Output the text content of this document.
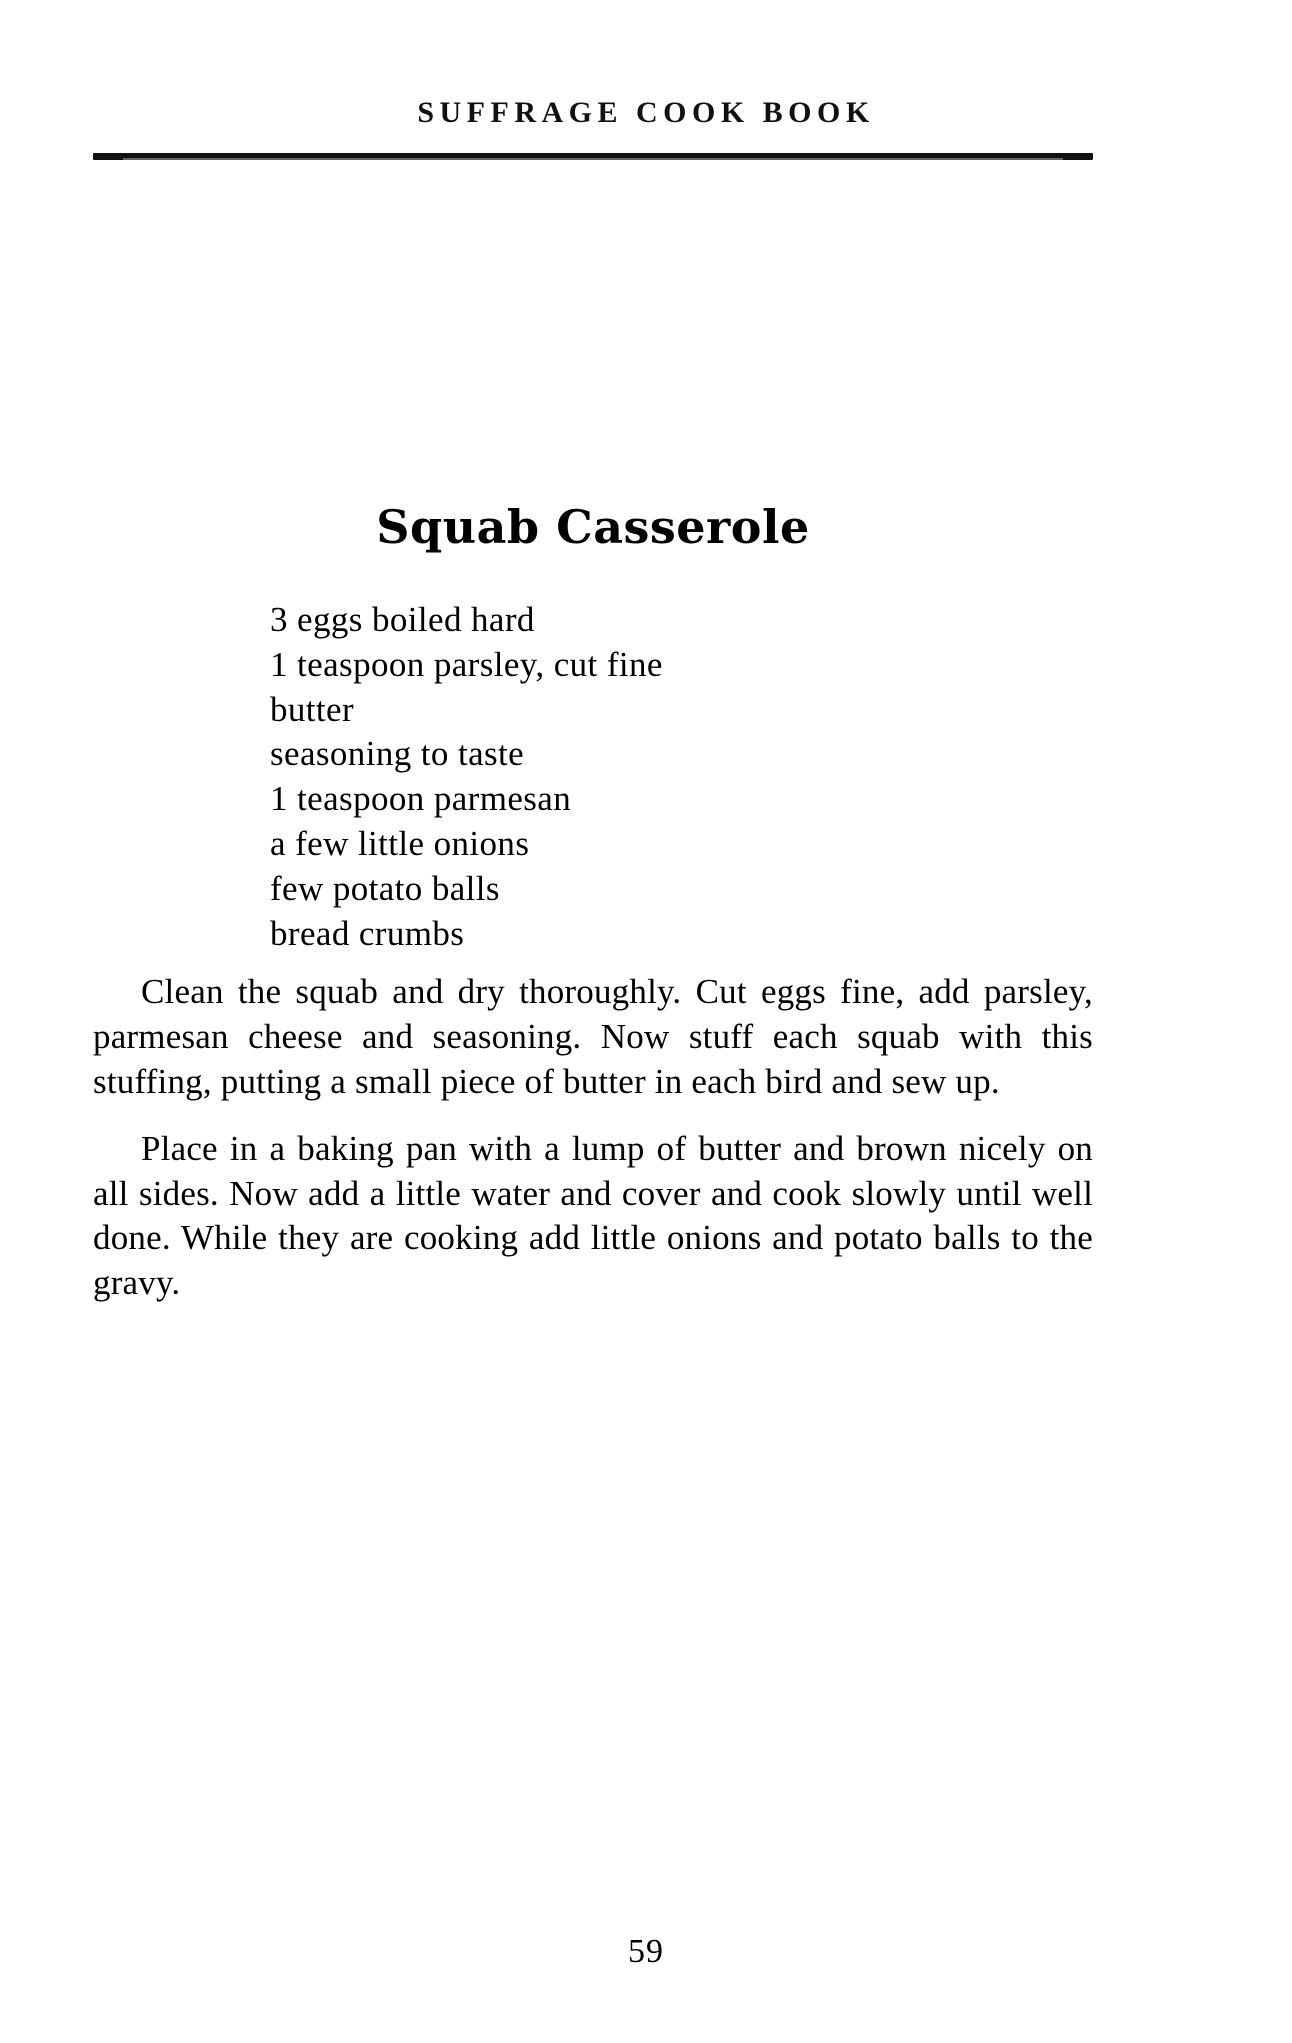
SUFFRAGE COOK BOOK
Squab Casserole
3 eggs boiled hard
1 teaspoon parsley, cut fine
butter
seasoning to taste
1 teaspoon parmesan
a few little onions
few potato balls
bread crumbs

Clean the squab and dry thoroughly. Cut eggs fine, add parsley, parmesan cheese and seasoning. Now stuff each squab with this stuffing, putting a small piece of butter in each bird and sew up.

Place in a baking pan with a lump of butter and brown nicely on all sides. Now add a little water and cover and cook slowly until well done. While they are cooking add little onions and potato balls to the gravy.

59
